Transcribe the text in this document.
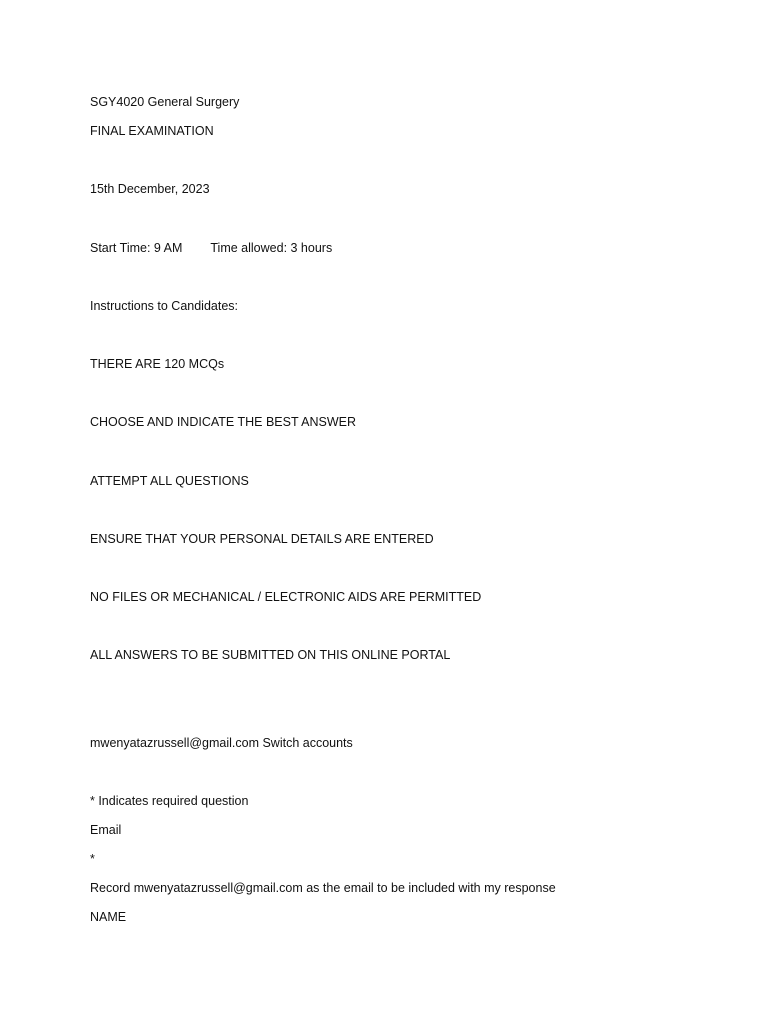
SGY4020 General Surgery
FINAL EXAMINATION
15th December, 2023
Start Time: 9 AM Time allowed: 3 hours
Instructions to Candidates:
THERE ARE 120 MCQs
CHOOSE AND INDICATE THE BEST ANSWER
ATTEMPT ALL QUESTIONS
ENSURE THAT YOUR PERSONAL DETAILS ARE ENTERED
NO FILES OR MECHANICAL / ELECTRONIC AIDS ARE PERMITTED
ALL ANSWERS TO BE SUBMITTED ON THIS ONLINE PORTAL
mwenyatazrussell@gmail.com Switch accounts
* Indicates required question
Email
*
Record mwenyatazrussell@gmail.com as the email to be included with my response
NAME
